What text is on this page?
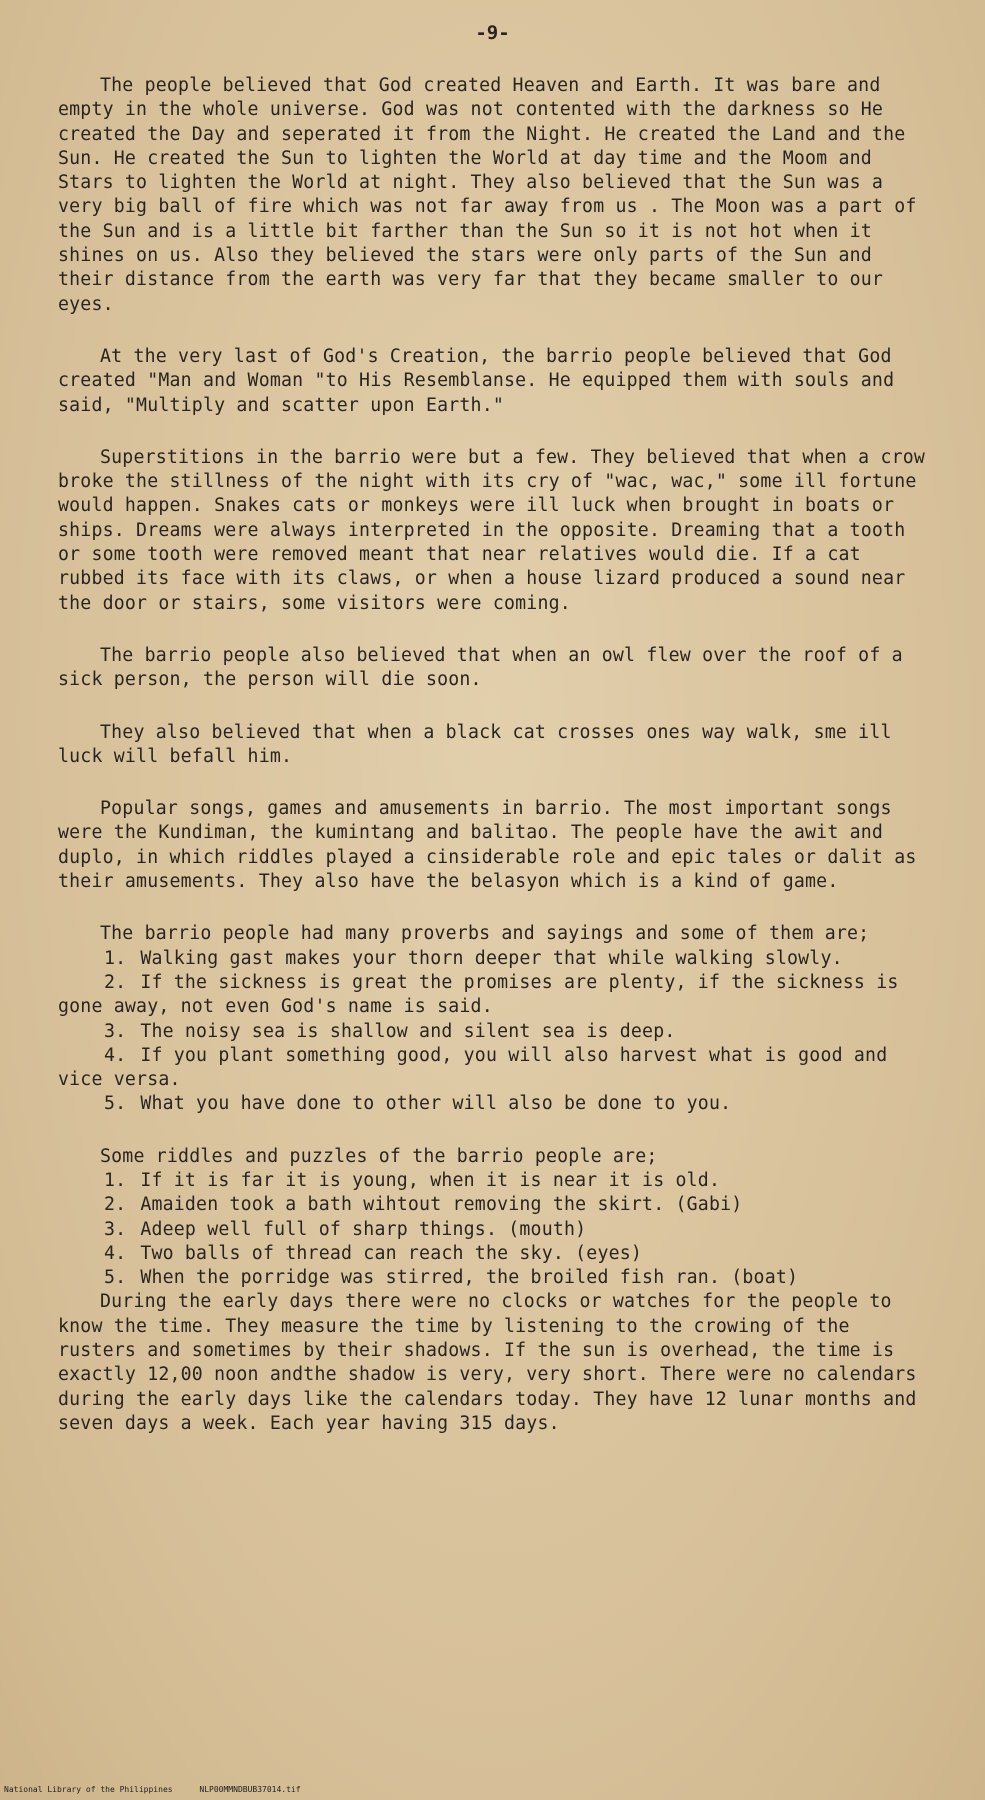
-9-

The people believed that God created Heaven and Earth. It was bare and empty in the whole universe. God was not contented with the darkness so He created the Day and seperated it from the Night. He created the Land and the Sun. He created the Sun to lighten the World at day time and the Moom and Stars to lighten the World at night. They also believed that the Sun was a very big ball of fire which was not far away from us . The Moon was a part of the Sun and is a little bit farther than the Sun so it is not hot when it shines on us. Also they believed the stars were only parts of the Sun and their distance from the earth was very far that they became smaller to our eyes.

At the very last of God's Creation, the barrio people believed that God created "Man and Woman "to His Resemblanse. He equipped them with souls and said, "Multiply and scatter upon Earth."

Superstitions in the barrio were but a few. They believed that when a crow broke the stillness of the night with its cry of "wac, wac," some ill fortune would happen. Snakes cats or monkeys were ill luck when brought in boats or ships. Dreams were always interpreted in the opposite. Dreaming that a tooth or some tooth were removed meant that near relatives would die. If a cat rubbed its face with its claws, or when a house lizard produced a sound near the door or stairs, some visitors were coming.

The barrio people also believed that when an owl flew over the roof of a sick person, the person will die soon.

They also believed that when a black cat crosses ones way walk, sme ill luck will befall him.

Popular songs, games and amusements in barrio. The most important songs were the Kundiman, the kumintang and balitao. The people have the awit and duplo, in which riddles played a cinsiderable role and epic tales or dalit as their amusements. They also have the belasyon which is a kind of game.

The barrio people had many proverbs and sayings and some of them are;

1. Walking gast makes your thorn deeper that while walking slowly.
2. If the sickness is great the promises are plenty, if the sickness is gone away, not even God's name is said.
3. The noisy sea is shallow and silent sea is deep.
4. If you plant something good, you will also harvest what is good and vice versa.
5. What you have done to other will also be done to you.

Some riddles and puzzles of the barrio people are;

1. If it is far it is young, when it is near it is old.
2. Amaiden took a bath wihtout removing the skirt. (Gabi)
3. Adeep well full of sharp things. (mouth)
4. Two balls of thread can reach the sky. (eyes)
5. When the porridge was stirred, the broiled fish ran. (boat)

During the early days there were no clocks or watches for the people to know the time. They measure the time by listening to the crowing of the rusters and sometimes by their shadows. If the sun is overhead, the time is exactly 12,00 noon andthe shadow is very, very short. There were no calendars during the early days like the calendars today. They have 12 lunar months and seven days a week. Each year having 315 days.

National Library of the Philippines	NLP00MMNDBUB37014.tif
